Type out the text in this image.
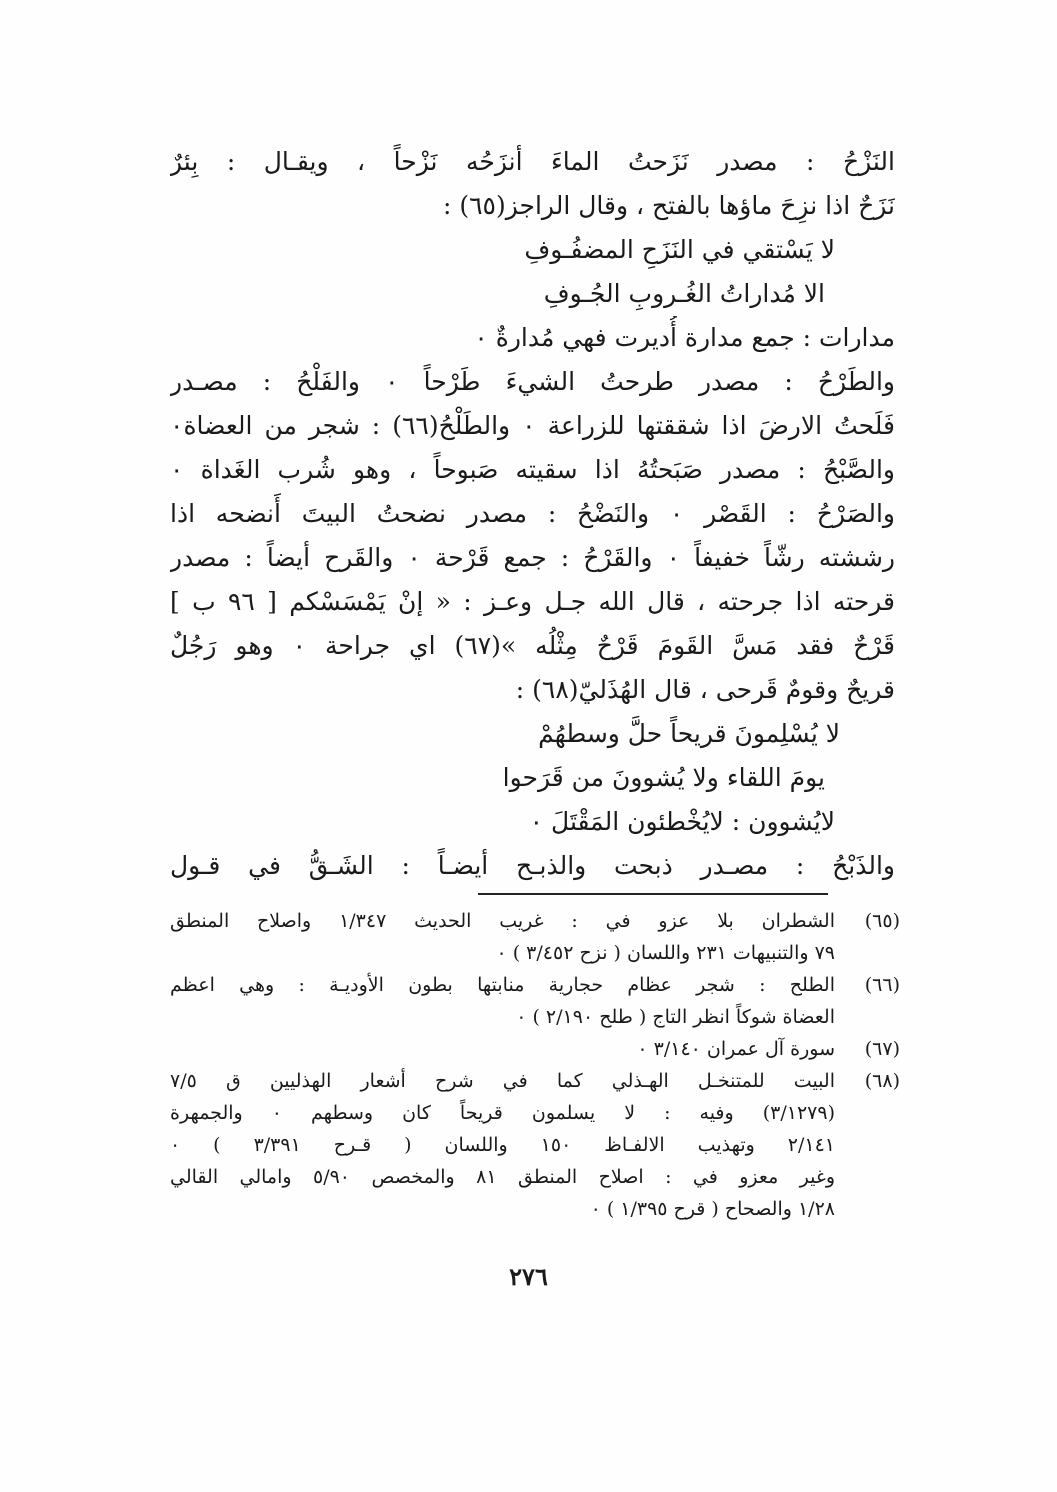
النَزْحُ : مصدر نَزَحتُ الماءَ أنزَحُه نَزْحاً ، ويقـال : بِئرٌ
نَزَحٌ اذا نزِحَ ماؤها بالفتح ، وقال الراجز(٦٥) :
لا يَسْتقي في النَزَحِ المضفُـوفِ
الا مُداراتُ الغُـروبِ الجُـوفِ
مدارات : جمع مدارة أُديرت فهي مُدارةٌ ٠
والطَرْحُ : مصدر طرحتُ الشيءَ طَرْحاً ٠ والفَلْحُ : مصـدر
فَلَحتُ الارضَ اذا شققتها للزراعة ٠ والطَلْحُ(٦٦) : شجر من العضاة٠
والصَّبْحُ : مصدر صَبَحتُهُ اذا سقيته صَبوحاً ، وهو شُرب الغَداة ٠
والصَرْحُ : القَصْر ٠ والنَضْحُ : مصدر نضحتُ البيتَ أَنضحه اذا
رششته رشّاً خفيفاً ٠ والقَرْحُ : جمع قَرْحة ٠ والقَرح أيضاً : مصدر
قرحته اذا جرحته ، قال الله جـل وعـز : « إنْ يَمْسَسْكم [ ٩٦ ب ]
قَرْحٌ فقد مَسَّ القَومَ قَرْحٌ مِثْلُه »(٦٧) اي جراحة ٠ وهو رَجُلٌ
قريحٌ وقومٌ قَرحى ، قال الهُذَليّ(٦٨) :
لا يُسْلِمونَ قريحاً حلَّ وسطهُمْ
يومَ اللقاء ولا يُشوونَ من قَرَحوا
لايُشوون : لايُخْطئون المَقْتَلَ ٠
والذَبْحُ : مصـدر ذبحت والذبـح أيضـاً : الشَـقُّ في قـول
(٦٥)
الشطران بلا عزو في : غريب الحديث ١/٣٤٧ واصلاح المنطق
٧٩ والتنبيهات ٢٣١ واللسان ( نزح ٣/٤٥٢ ) ٠
(٦٦)
الطلح : شجر عظام حجارية منابتها بطون الأوديـة : وهي اعظم
العضاة شوكاً انظر التاج ( طلح ٢/١٩٠ ) ٠
(٦٧)
سورة آل عمران ٣/١٤٠ ٠
(٦٨)
البيت للمتنخـل الهـذلي كما في شرح أشعار الهذليين ق ٧/٥
(٣/١٢٧٩) وفيه : لا يسلمون قريحاً كان وسطهم ٠ والجمهرة
٢/١٤١ وتهذيب الالفـاظ ١٥٠ واللسان ( قـرح ٣/٣٩١ ) ٠
وغير معزو في : اصلاح المنطق ٨١ والمخصص ٥/٩٠ وامالي القالي
١/٢٨ والصحاح ( قرح ١/٣٩٥ ) ٠
٢٧٦
